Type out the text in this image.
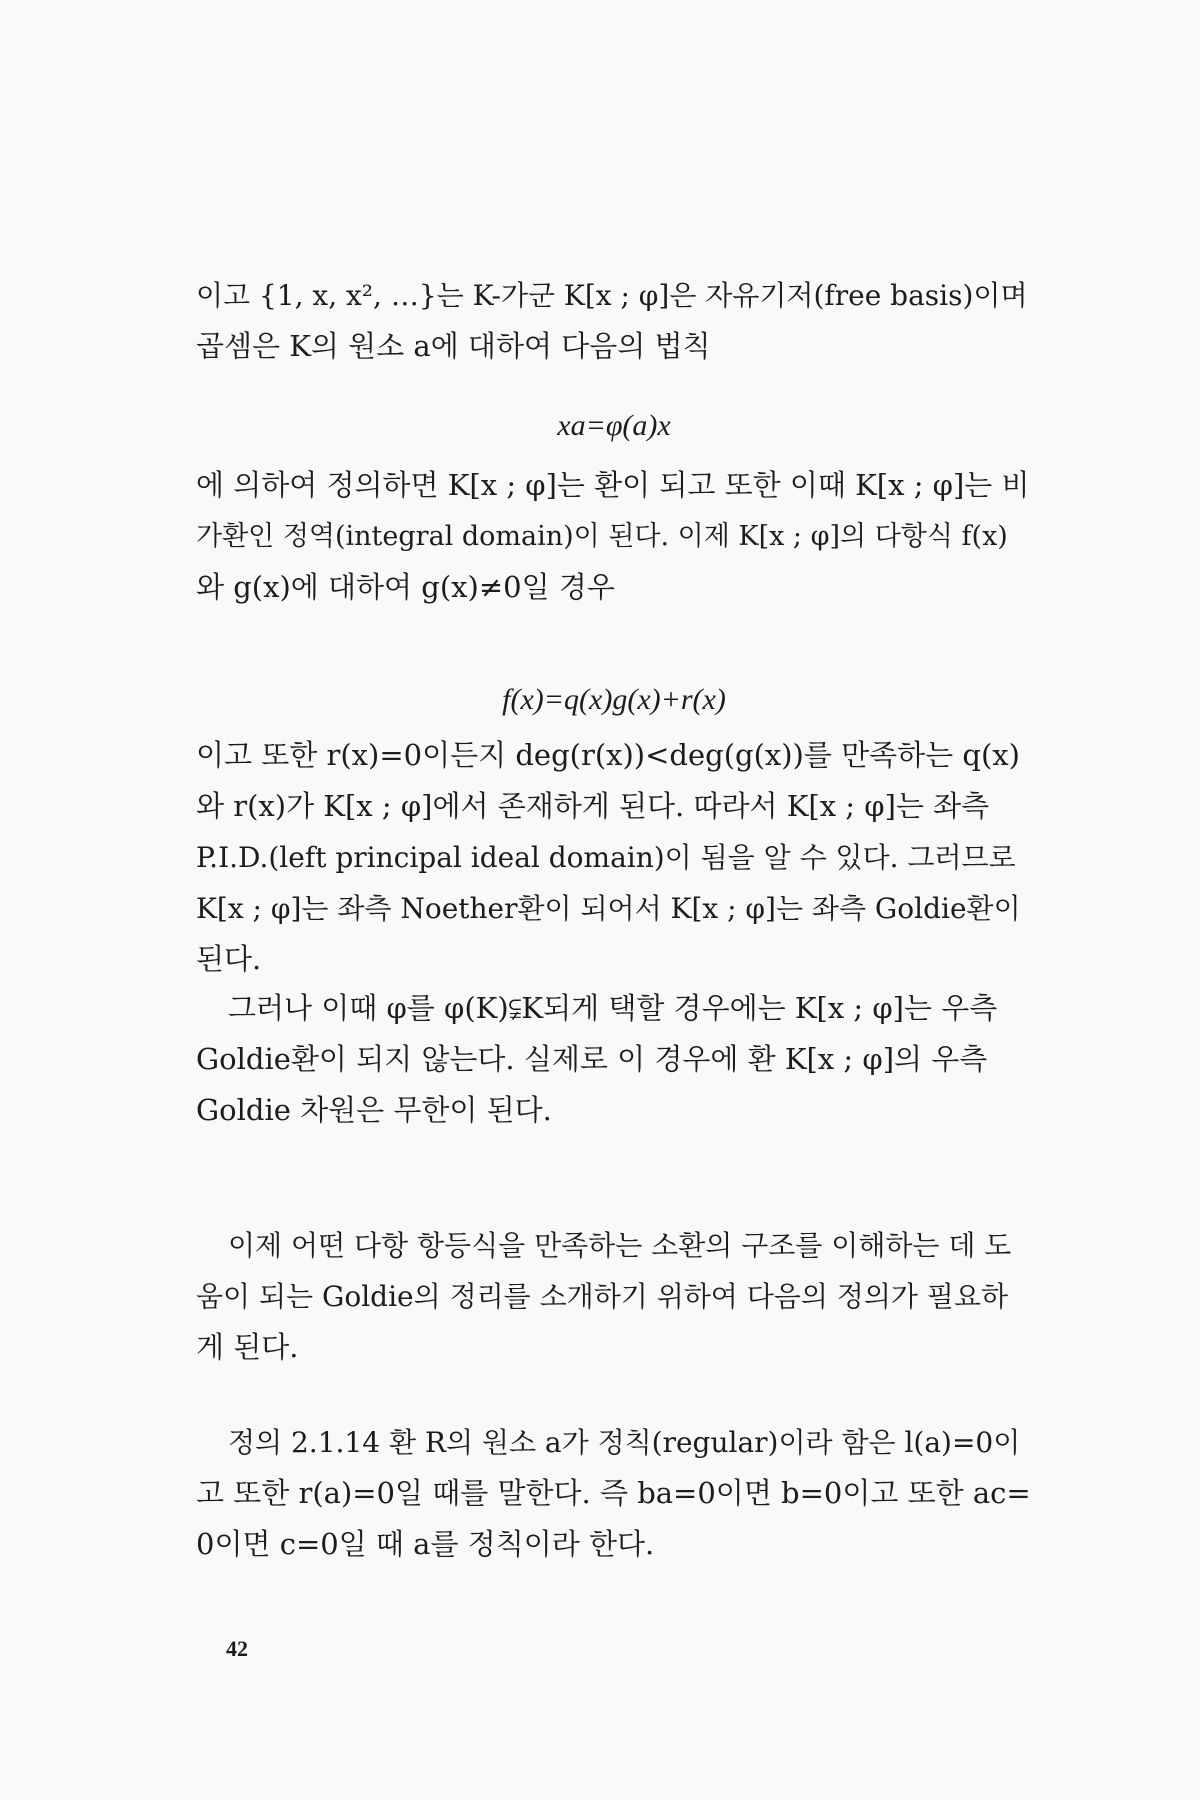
이고 {1, x, x², …}는 K-가군 K[x ; φ]은 자유기저(free basis)이며
곱셈은 K의 원소 a에 대하여 다음의 법칙
xa=φ(a)x
에 의하여 정의하면 K[x ; φ]는 환이 되고 또한 이때 K[x ; φ]는 비
가환인 정역(integral domain)이 된다. 이제 K[x ; φ]의 다항식 f(x)
와 g(x)에 대하여 g(x)≠0일 경우
f(x)=q(x)g(x)+r(x)
이고 또한 r(x)=0이든지 deg(r(x))<deg(g(x))를 만족하는 q(x)
와 r(x)가 K[x ; φ]에서 존재하게 된다. 따라서 K[x ; φ]는 좌측
P.I.D.(left principal ideal domain)이 됨을 알 수 있다. 그러므로
K[x ; φ]는 좌측 Noether환이 되어서 K[x ; φ]는 좌측 Goldie환이
된다.
그러나 이때 φ를 φ(K)⫋K되게 택할 경우에는 K[x ; φ]는 우측
Goldie환이 되지 않는다. 실제로 이 경우에 환 K[x ; φ]의 우측
Goldie 차원은 무한이 된다.
이제 어떤 다항 항등식을 만족하는 소환의 구조를 이해하는 데 도
움이 되는 Goldie의 정리를 소개하기 위하여 다음의 정의가 필요하
게 된다.
정의 2.1.14 환 R의 원소 a가 정칙(regular)이라 함은 l(a)=0이
고 또한 r(a)=0일 때를 말한다. 즉 ba=0이면 b=0이고 또한 ac=
0이면 c=0일 때 a를 정칙이라 한다.
42
